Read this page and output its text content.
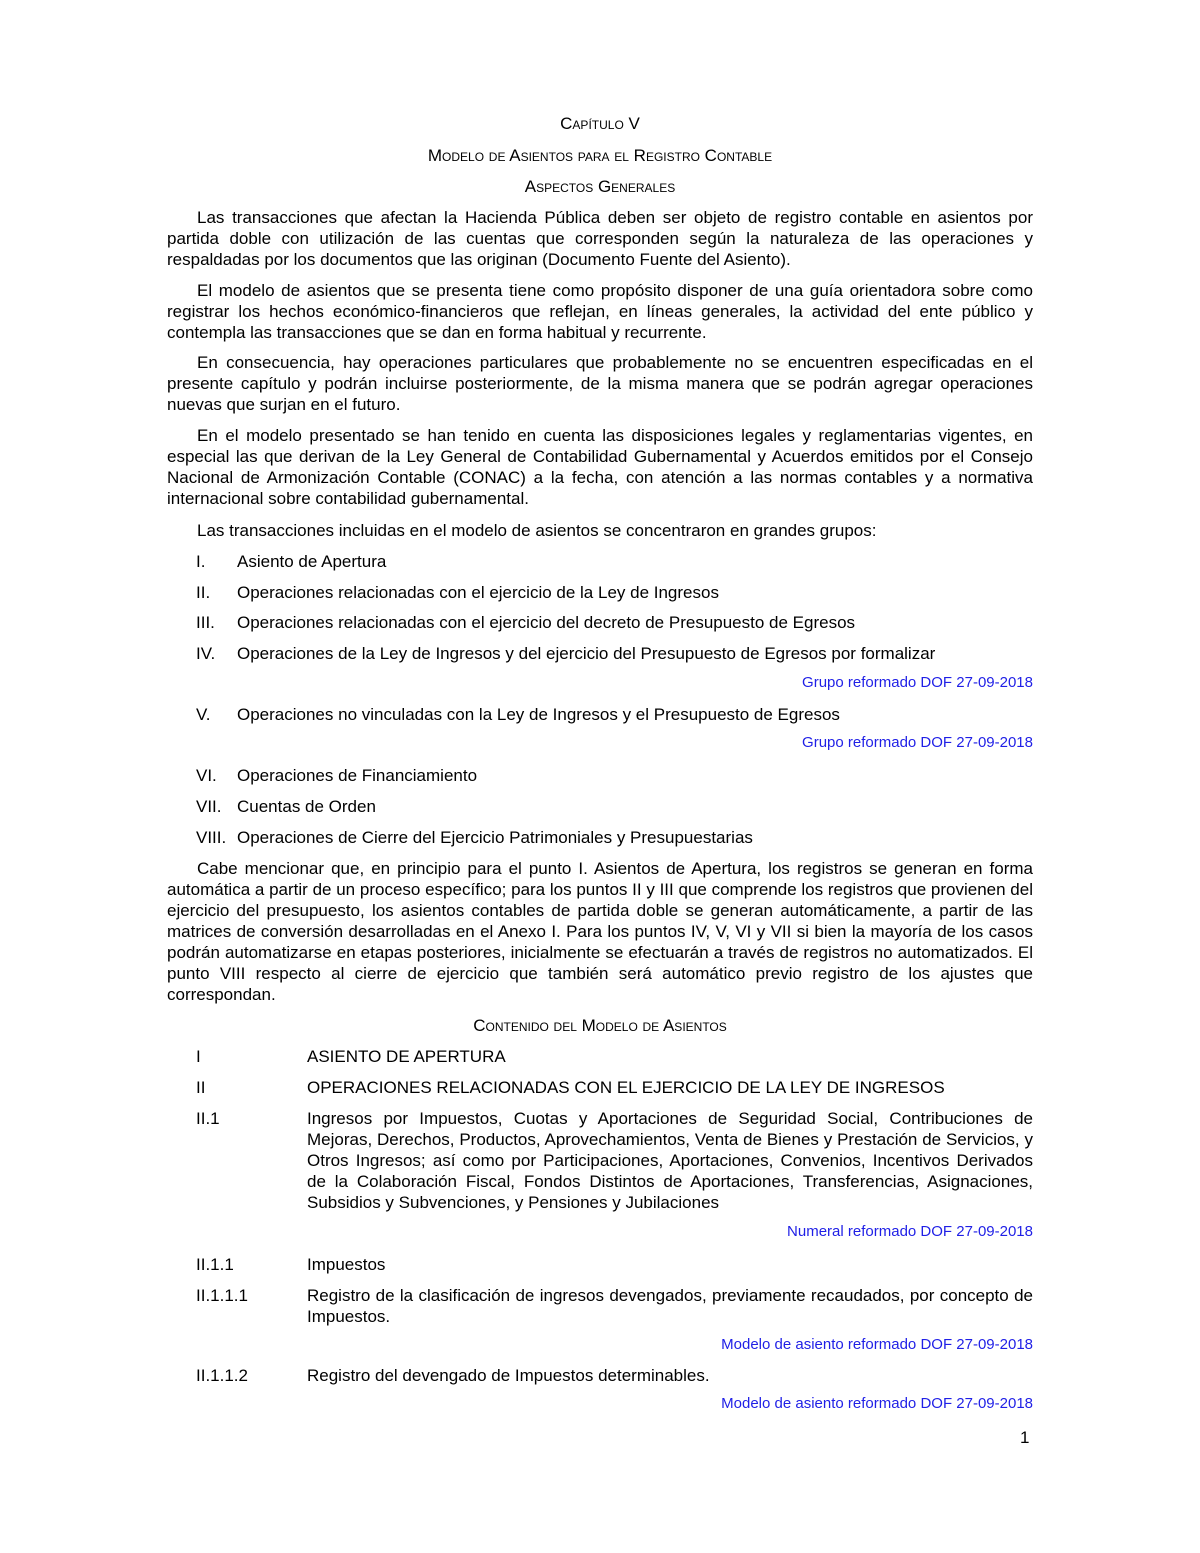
Capítulo V
Modelo de Asientos para el Registro Contable
Aspectos Generales

Las transacciones que afectan la Hacienda Pública deben ser objeto de registro contable en asientos por partida doble con utilización de las cuentas que corresponden según la naturaleza de las operaciones y respaldadas por los documentos que las originan (Documento Fuente del Asiento).

El modelo de asientos que se presenta tiene como propósito disponer de una guía orientadora sobre como registrar los hechos económico-financieros que reflejan, en líneas generales, la actividad del ente público y contempla las transacciones que se dan en forma habitual y recurrente.

En consecuencia, hay operaciones particulares que probablemente no se encuentren especificadas en el presente capítulo y podrán incluirse posteriormente, de la misma manera que se podrán agregar operaciones nuevas que surjan en el futuro.

En el modelo presentado se han tenido en cuenta las disposiciones legales y reglamentarias vigentes, en especial las que derivan de la Ley General de Contabilidad Gubernamental y Acuerdos emitidos por el Consejo Nacional de Armonización Contable (CONAC) a la fecha, con atención a las normas contables y a normativa internacional sobre contabilidad gubernamental.

Las transacciones incluidas en el modelo de asientos se concentraron en grandes grupos:

I.	Asiento de Apertura
II.	Operaciones relacionadas con el ejercicio de la Ley de Ingresos
III.	Operaciones relacionadas con el ejercicio del decreto de Presupuesto de Egresos
IV.	Operaciones de la Ley de Ingresos y del ejercicio del Presupuesto de Egresos por formalizar
Grupo reformado DOF 27-09-2018
V.	Operaciones no vinculadas con la Ley de Ingresos y el Presupuesto de Egresos
Grupo reformado DOF 27-09-2018
VI.	Operaciones de Financiamiento
VII. Cuentas de Orden
VIII. Operaciones de Cierre del Ejercicio Patrimoniales y Presupuestarias

Cabe mencionar que, en principio para el punto I. Asientos de Apertura, los registros se generan en forma automática a partir de un proceso específico; para los puntos II y III que comprende los registros que provienen del ejercicio del presupuesto, los asientos contables de partida doble se generan automáticamente, a partir de las matrices de conversión desarrolladas en el Anexo I. Para los puntos IV, V, VI y VII si bien la mayoría de los casos podrán automatizarse en etapas posteriores, inicialmente se efectuarán a través de registros no automatizados. El punto VIII respecto al cierre de ejercicio que también será automático previo registro de los ajustes que correspondan.

Contenido del Modelo de Asientos
I	ASIENTO DE APERTURA
II	OPERACIONES RELACIONADAS CON EL EJERCICIO DE LA LEY DE INGRESOS
II.1	Ingresos por Impuestos, Cuotas y Aportaciones de Seguridad Social, Contribuciones de Mejoras, Derechos, Productos, Aprovechamientos, Venta de Bienes y Prestación de Servicios, y Otros Ingresos; así como por Participaciones, Aportaciones, Convenios, Incentivos Derivados de la Colaboración Fiscal, Fondos Distintos de Aportaciones, Transferencias, Asignaciones, Subsidios y Subvenciones, y Pensiones y Jubilaciones
Numeral reformado DOF 27-09-2018
II.1.1	Impuestos
II.1.1.1	Registro de la clasificación de ingresos devengados, previamente recaudados, por concepto de Impuestos.
Modelo de asiento reformado DOF 27-09-2018
II.1.1.2	Registro del devengado de Impuestos determinables.
Modelo de asiento reformado DOF 27-09-2018
1
